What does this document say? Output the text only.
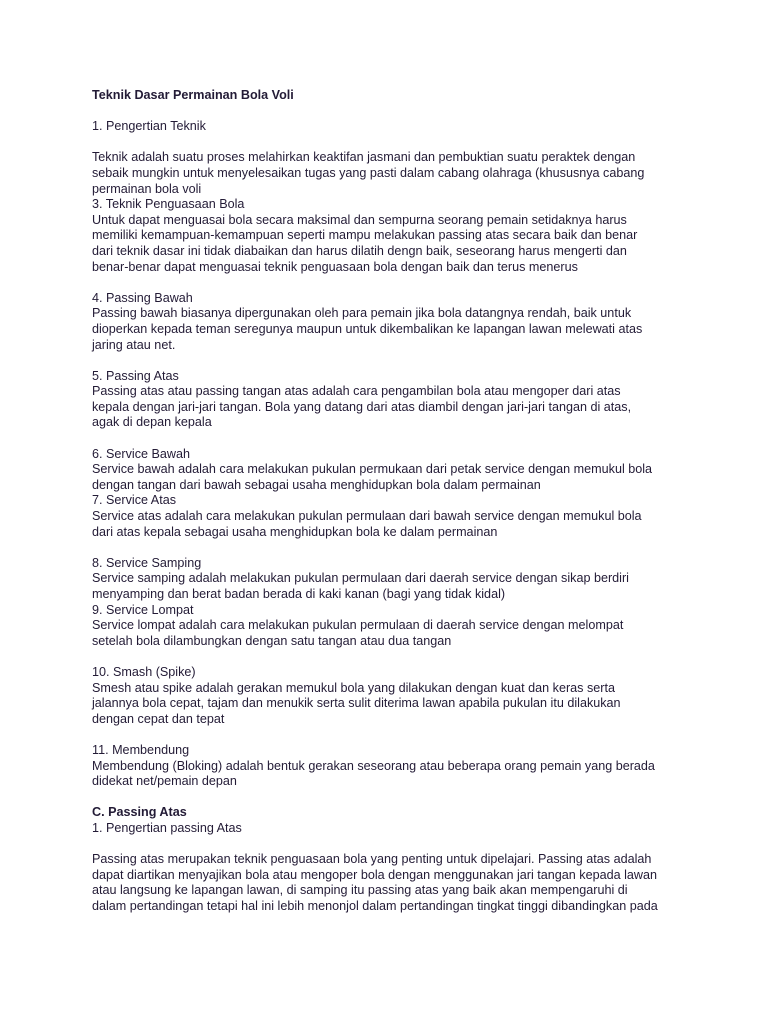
Teknik Dasar Permainan Bola Voli
1. Pengertian Teknik
Teknik adalah suatu proses melahirkan keaktifan jasmani dan pembuktian suatu peraktek dengan
sebaik mungkin untuk menyelesaikan tugas yang pasti dalam cabang olahraga (khususnya cabang
permainan bola voli
3. Teknik Penguasaan Bola
Untuk dapat menguasai bola secara maksimal dan sempurna seorang pemain setidaknya harus
memiliki kemampuan-kemampuan seperti mampu melakukan passing atas secara baik dan benar
dari teknik dasar ini tidak diabaikan dan harus dilatih dengn baik, seseorang harus mengerti dan
benar-benar dapat menguasai teknik penguasaan bola dengan baik dan terus menerus
4. Passing Bawah
Passing bawah biasanya dipergunakan oleh para pemain jika bola datangnya rendah, baik untuk
dioperkan kepada teman seregunya maupun untuk dikembalikan ke lapangan lawan melewati atas
jaring atau net.
5. Passing Atas
Passing atas atau passing tangan atas adalah cara pengambilan bola atau mengoper dari atas
kepala dengan jari-jari tangan. Bola yang datang dari atas diambil dengan jari-jari tangan di atas,
agak di depan kepala
6. Service Bawah
Service bawah adalah cara melakukan pukulan permukaan dari petak service dengan memukul bola
dengan tangan dari bawah sebagai usaha menghidupkan bola dalam permainan
7. Service Atas
Service atas adalah cara melakukan pukulan permulaan dari bawah service dengan memukul bola
dari atas kepala sebagai usaha menghidupkan bola ke dalam permainan
8. Service Samping
Service samping adalah melakukan pukulan permulaan dari daerah service dengan sikap berdiri
menyamping dan berat badan berada di kaki kanan (bagi yang tidak kidal)
9. Service Lompat
Service lompat adalah cara melakukan pukulan permulaan di daerah service dengan melompat
setelah bola dilambungkan dengan satu tangan atau dua tangan
10. Smash (Spike)
Smesh atau spike adalah gerakan memukul bola yang dilakukan dengan kuat dan keras serta
jalannya bola cepat, tajam dan menukik serta sulit diterima lawan apabila pukulan itu dilakukan
dengan cepat dan tepat
11. Membendung
Membendung (Bloking) adalah bentuk gerakan seseorang atau beberapa orang pemain yang berada
didekat net/pemain depan
C. Passing Atas
1. Pengertian passing Atas
Passing atas merupakan teknik penguasaan bola yang penting untuk dipelajari. Passing atas adalah
dapat diartikan menyajikan bola atau mengoper bola dengan menggunakan jari tangan kepada lawan
atau langsung ke lapangan lawan, di samping itu passing atas yang baik akan mempengaruhi di
dalam pertandingan tetapi hal ini lebih menonjol dalam pertandingan tingkat tinggi dibandingkan pada
